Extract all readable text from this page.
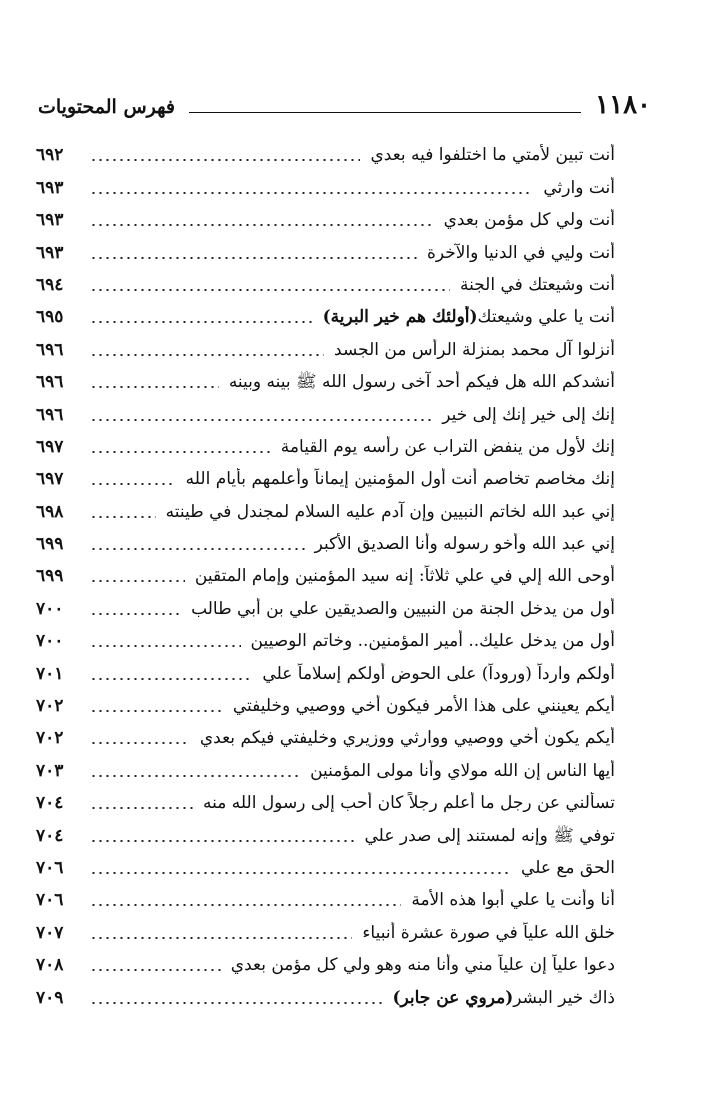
١١٨٠
فهرس المحتويات
أنت تبين لأمتي ما اختلفوا فيه بعدي
٦٩٢
أنت وارثي
٦٩٣
أنت ولي كل مؤمن بعدي
٦٩٣
أنت وليي في الدنيا والآخرة
٦٩٣
أنت وشيعتك في الجنة
٦٩٤
أنت يا علي وشيعتك
(أولئك هم خير البرية)
٦٩٥
أنزلوا آل محمد بمنزلة الرأس من الجسد
٦٩٦
أنشدكم الله هل فيكم أحد آخى رسول الله ﷺ بينه وبينه
٦٩٦
إنك إلى خير إنك إلى خير
٦٩٦
إنك لأول من ينفض التراب عن رأسه يوم القيامة
٦٩٧
إنك مخاصم تخاصم أنت أول المؤمنين إيماناً وأعلمهم بأيام الله
٦٩٧
إني عبد الله لخاتم النبيين وإن آدم عليه السلام لمجندل في طينته
٦٩٨
إني عبد الله وأخو رسوله وأنا الصديق الأكبر
٦٩٩
أوحى الله إلي في علي ثلاثاً: إنه سيد المؤمنين وإمام المتقين
٦٩٩
أول من يدخل الجنة من النبيين والصديقين علي بن أبي طالب
٧٠٠
أول من يدخل عليك.. أمير المؤمنين.. وخاتم الوصيين
٧٠٠
أولكم وارداً (وروداً) على الحوض أولكم إسلاماً علي
٧٠١
أيكم يعينني على هذا الأمر فيكون أخي ووصيي وخليفتي
٧٠٢
أيكم يكون أخي ووصيي ووارثي ووزيري وخليفتي فيكم بعدي
٧٠٢
أيها الناس إن الله مولاي وأنا مولى المؤمنين
٧٠٣
تسألني عن رجل ما أعلم رجلاً كان أحب إلى رسول الله منه
٧٠٤
توفي ﷺ وإنه لمستند إلى صدر علي
٧٠٤
الحق مع علي
٧٠٦
أنا وأنت يا علي أبوا هذه الأمة
٧٠٦
خلق الله علياً في صورة عشرة أنبياء
٧٠٧
دعوا علياً إن علياً مني وأنا منه وهو ولي كل مؤمن بعدي
٧٠٨
ذاك خير البشر
(مروي عن جابر)
٧٠٩
